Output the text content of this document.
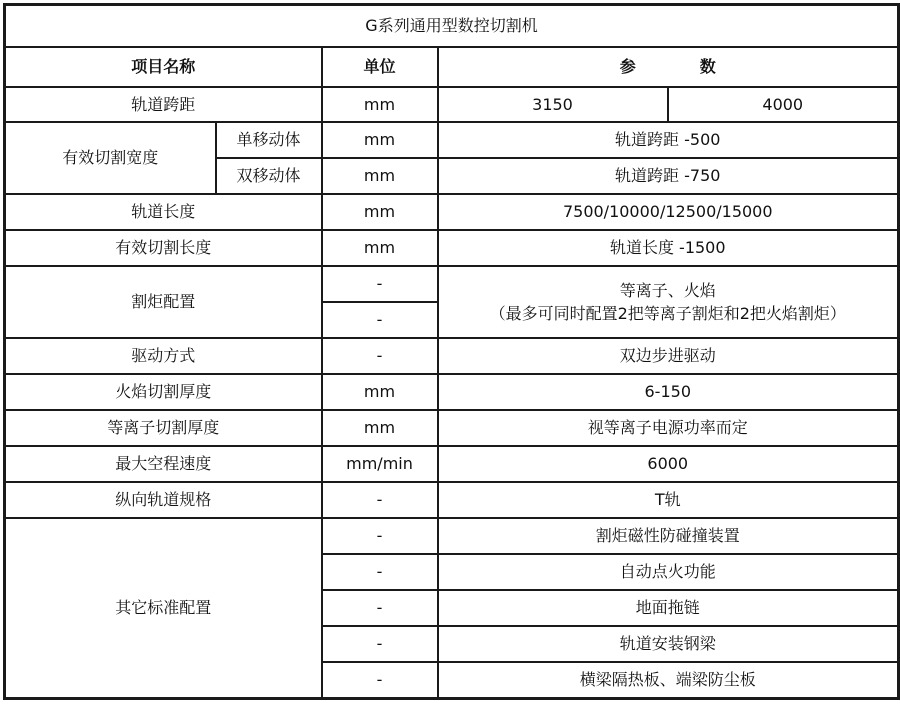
G系列通用型数控切割机				
项目名称		单位	参 数	
轨道跨距		mm	3150	4000
有效切割宽度	单移动体	mm	轨道跨距 -500	
	双移动体	mm	轨道跨距 -750	
轨道长度		mm	7500/10000/12500/15000	
有效切割长度		mm	轨道长度 -1500	
割炬配置		-	等离子、火焰
（最多可同时配置2把等离子割炬和2把火焰割炬）	

		-		
驱动方式		-	双边步进驱动	
火焰切割厚度		mm	6-150	
等离子切割厚度		mm	视等离子电源功率而定	
最大空程速度		mm/min	6000	
纵向轨道规格		-	T轨	
其它标准配置		-	割炬磁性防碰撞装置	
		-	自动点火功能	
		-	地面拖链	
		-	轨道安装钢梁	
		-	横梁隔热板、端梁防尘板	
